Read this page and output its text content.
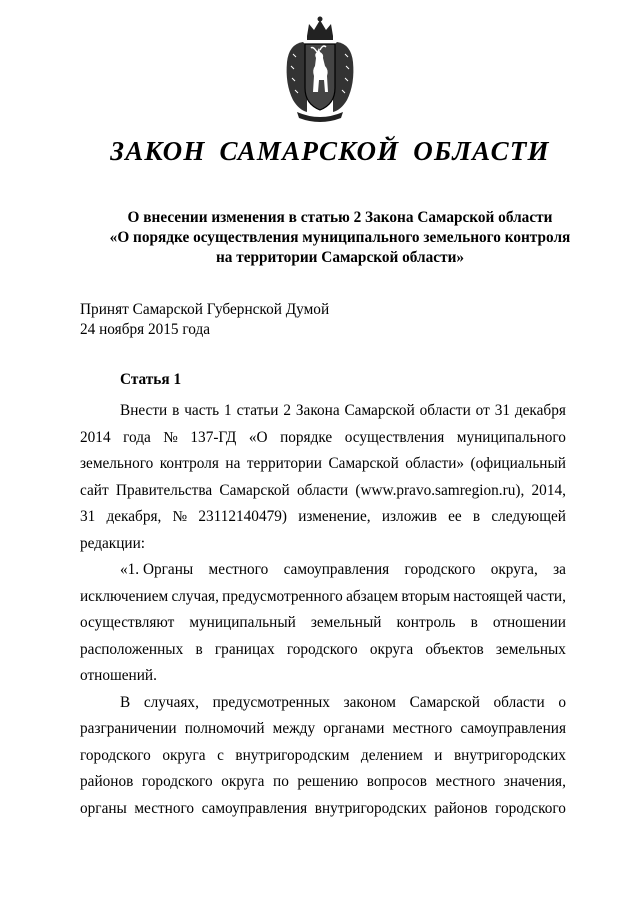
ЗАКОН САМАРСКОЙ ОБЛАСТИ
О внесении изменения в статью 2 Закона Самарской области
«О порядке осуществления муниципального земельного контроля
на территории Самарской области»
Принят Самарской Губернской Думой
24 ноября 2015 года
Статья 1
Внести в часть 1 статьи 2 Закона Самарской области от 31 декабря
2014 года № 137-ГД «О порядке осуществления муниципального
земельного контроля на территории Самарской области» (официальный
сайт Правительства Самарской области (www.pravo.samregion.ru), 2014,
31 декабря, № 23112140479) изменение, изложив ее в следующей
редакции:
«1. Органы местного самоуправления городского округа, за
исключением случая, предусмотренного абзацем вторым настоящей части,
осуществляют муниципальный земельный контроль в отношении
расположенных в границах городского округа объектов земельных
отношений.
В случаях, предусмотренных законом Самарской области о
разграничении полномочий между органами местного самоуправления
городского округа с внутригородским делением и внутригородских
районов городского округа по решению вопросов местного значения,
органы местного самоуправления внутригородских районов городского
